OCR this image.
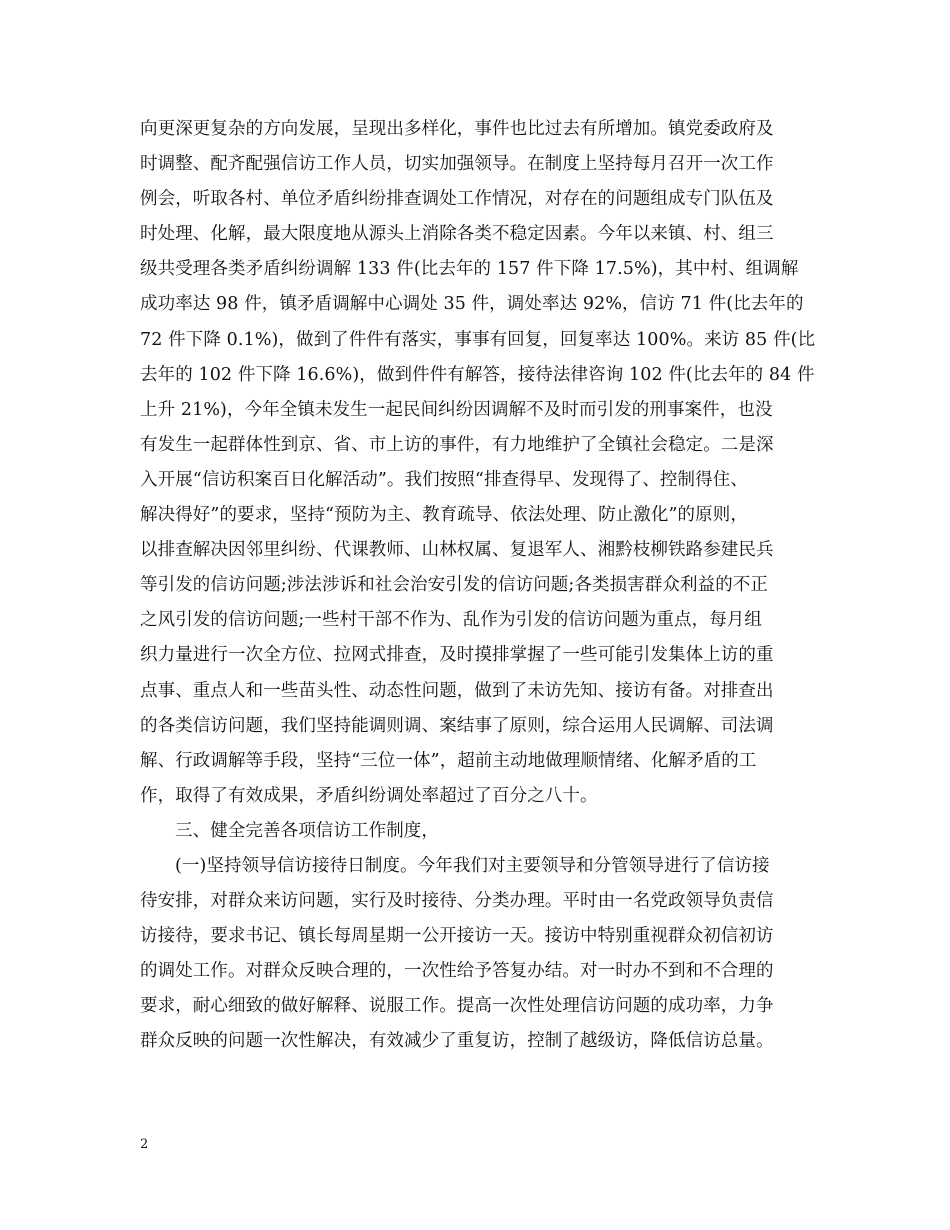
向更深更复杂的方向发展，呈现出多样化，事件也比过去有所增加。镇党委政府及
时调整、配齐配强信访工作人员，切实加强领导。在制度上坚持每月召开一次工作
例会，听取各村、单位矛盾纠纷排查调处工作情况，对存在的问题组成专门队伍及
时处理、化解，最大限度地从源头上消除各类不稳定因素。今年以来镇、村、组三
级共受理各类矛盾纠纷调解 133 件(比去年的 157 件下降 17.5%)，其中村、组调解
成功率达 98 件，镇矛盾调解中心调处 35 件，调处率达 92%，信访 71 件(比去年的
72 件下降 0.1%)，做到了件件有落实，事事有回复，回复率达 100%。来访 85 件(比
去年的 102 件下降 16.6%)，做到件件有解答，接待法律咨询 102 件(比去年的 84 件
上升 21%)，今年全镇未发生一起民间纠纷因调解不及时而引发的刑事案件，也没
有发生一起群体性到京、省、市上访的事件，有力地维护了全镇社会稳定。二是深
入开展“信访积案百日化解活动”。我们按照“排查得早、发现得了、控制得住、
解决得好”的要求，坚持“预防为主、教育疏导、依法处理、防止激化”的原则，
以排查解决因邻里纠纷、代课教师、山林权属、复退军人、湘黔枝柳铁路参建民兵
等引发的信访问题;涉法涉诉和社会治安引发的信访问题;各类损害群众利益的不正
之风引发的信访问题;一些村干部不作为、乱作为引发的信访问题为重点，每月组
织力量进行一次全方位、拉网式排查，及时摸排掌握了一些可能引发集体上访的重
点事、重点人和一些苗头性、动态性问题，做到了未访先知、接访有备。对排查出
的各类信访问题，我们坚持能调则调、案结事了原则，综合运用人民调解、司法调
解、行政调解等手段，坚持“三位一体”，超前主动地做理顺情绪、化解矛盾的工
作，取得了有效成果，矛盾纠纷调处率超过了百分之八十。
三、健全完善各项信访工作制度，
(一)坚持领导信访接待日制度。今年我们对主要领导和分管领导进行了信访接
待安排，对群众来访问题，实行及时接待、分类办理。平时由一名党政领导负责信
访接待，要求书记、镇长每周星期一公开接访一天。接访中特别重视群众初信初访
的调处工作。对群众反映合理的，一次性给予答复办结。对一时办不到和不合理的
要求，耐心细致的做好解释、说服工作。提高一次性处理信访问题的成功率，力争
群众反映的问题一次性解决，有效减少了重复访，控制了越级访，降低信访总量。
2
